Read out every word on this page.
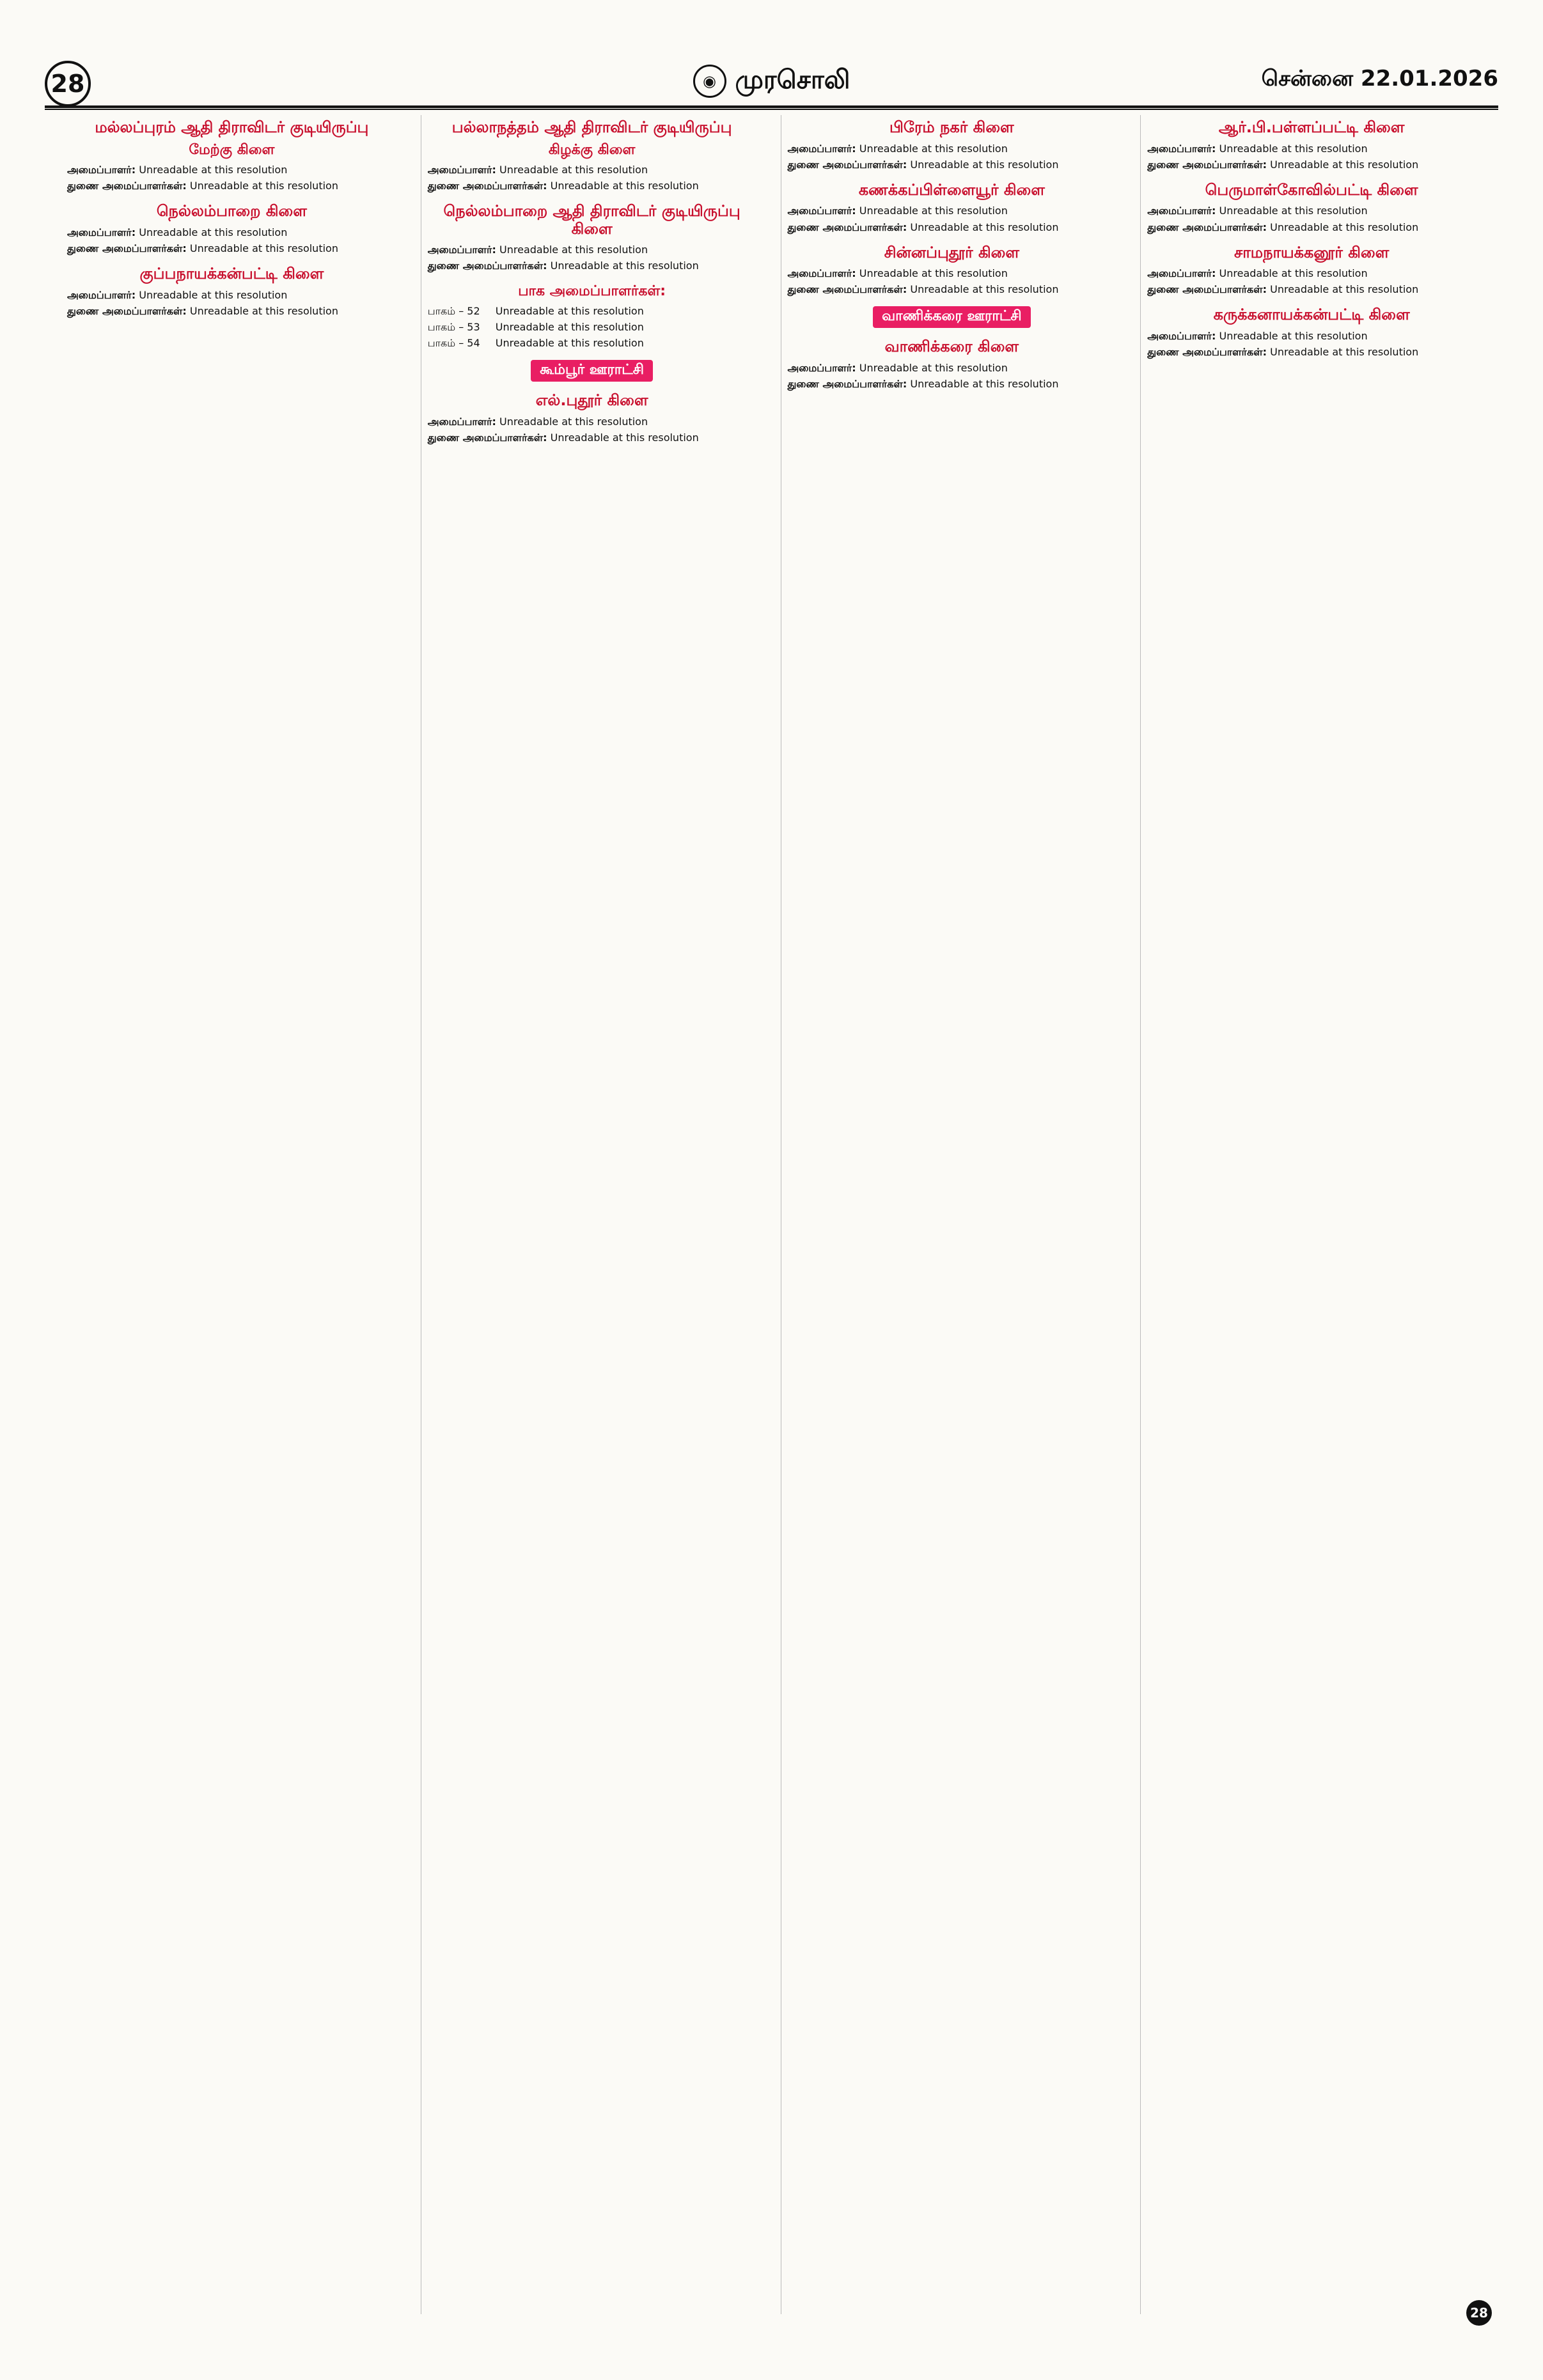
28	◉ முரசொலி	சென்னை 22.01.2026
மல்லப்புரம் ஆதி திராவிடர் குடியிருப்பு
மேற்கு கிளை
அமைப்பாளர்: Unreadable at this resolution
துணை அமைப்பாளர்கள்: Unreadable at this resolution
நெல்லம்பாறை கிளை
அமைப்பாளர்: Unreadable at this resolution
துணை அமைப்பாளர்கள்: Unreadable at this resolution
குப்பநாயக்கன்பட்டி கிளை
அமைப்பாளர்: Unreadable at this resolution
துணை அமைப்பாளர்கள்: Unreadable at this resolution
பல்லாநத்தம் ஆதி திராவிடர் குடியிருப்பு
கிழக்கு கிளை
அமைப்பாளர்: Unreadable at this resolution
துணை அமைப்பாளர்கள்: Unreadable at this resolution
நெல்லம்பாறை ஆதி திராவிடர் குடியிருப்பு கிளை
அமைப்பாளர்: Unreadable at this resolution
துணை அமைப்பாளர்கள்: Unreadable at this resolution
பாக அமைப்பாளர்கள்:
பாகம் – 52	Unreadable at this resolution
பாகம் – 53	Unreadable at this resolution
பாகம் – 54	Unreadable at this resolution
கூம்பூர் ஊராட்சி
எல்.புதூர் கிளை
அமைப்பாளர்: Unreadable at this resolution
துணை அமைப்பாளர்கள்: Unreadable at this resolution
பிரேம் நகர் கிளை
அமைப்பாளர்: Unreadable at this resolution
துணை அமைப்பாளர்கள்: Unreadable at this resolution
கணக்கப்பிள்ளையூர் கிளை
அமைப்பாளர்: Unreadable at this resolution
துணை அமைப்பாளர்கள்: Unreadable at this resolution
சின்னப்புதூர் கிளை
அமைப்பாளர்: Unreadable at this resolution
துணை அமைப்பாளர்கள்: Unreadable at this resolution
வாணிக்கரை ஊராட்சி
வாணிக்கரை கிளை
அமைப்பாளர்: Unreadable at this resolution
துணை அமைப்பாளர்கள்: Unreadable at this resolution
ஆர்.பி.பள்ளப்பட்டி கிளை
அமைப்பாளர்: Unreadable at this resolution
துணை அமைப்பாளர்கள்: Unreadable at this resolution
பெருமாள்கோவில்பட்டி கிளை
அமைப்பாளர்: Unreadable at this resolution
துணை அமைப்பாளர்கள்: Unreadable at this resolution
சாமநாயக்கனூர் கிளை
அமைப்பாளர்: Unreadable at this resolution
துணை அமைப்பாளர்கள்: Unreadable at this resolution
கருக்கனாயக்கன்பட்டி கிளை
அமைப்பாளர்: Unreadable at this resolution
துணை அமைப்பாளர்கள்: Unreadable at this resolution
28
